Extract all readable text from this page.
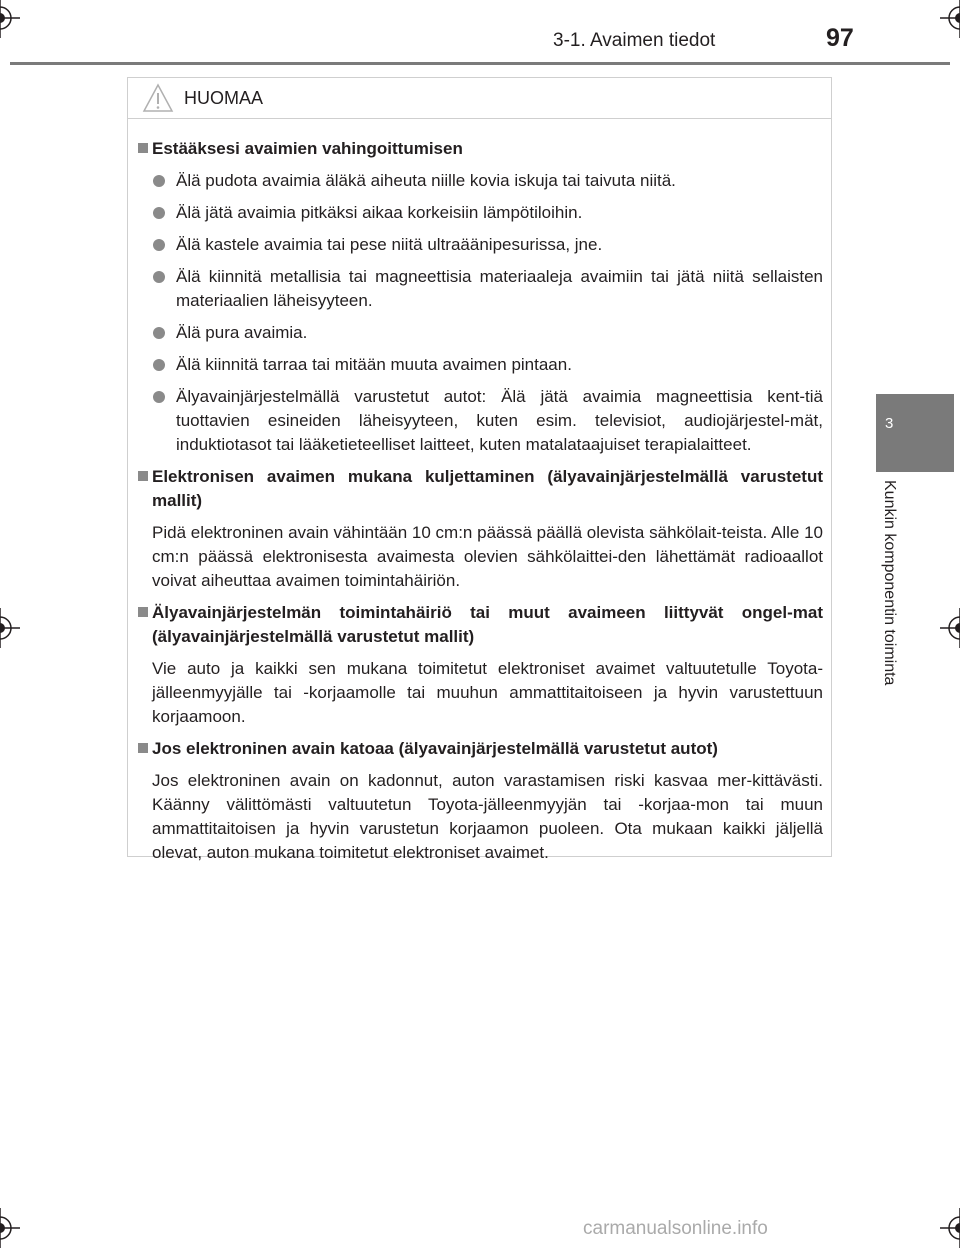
3-1. Avaimen tiedot	97
3
Kunkin komponentin toiminta
HUOMAA
Estääksesi avaimien vahingoittumisen
Älä pudota avaimia äläkä aiheuta niille kovia iskuja tai taivuta niitä.
Älä jätä avaimia pitkäksi aikaa korkeisiin lämpötiloihin.
Älä kastele avaimia tai pese niitä ultraäänipesurissa, jne.
Älä kiinnitä metallisia tai magneettisia materiaaleja avaimiin tai jätä niitä sellaisten materiaalien läheisyyteen.
Älä pura avaimia.
Älä kiinnitä tarraa tai mitään muuta avaimen pintaan.
Älyavainjärjestelmällä varustetut autot: Älä jätä avaimia magneettisia kent-tiä tuottavien esineiden läheisyyteen, kuten esim. televisiot, audiojärjestel-mät, induktiotasot tai lääketieteelliset laitteet, kuten matalataajuiset terapialaitteet.
Elektronisen avaimen mukana kuljettaminen (älyavainjärjestelmällä varustetut mallit)
Pidä elektroninen avain vähintään 10 cm:n päässä päällä olevista sähkölait-teista. Alle 10 cm:n päässä elektronisesta avaimesta olevien sähkölaittei-den lähettämät radioaallot voivat aiheuttaa avaimen toimintahäiriön.
Älyavainjärjestelmän toimintahäiriö tai muut avaimeen liittyvät ongel-mat (älyavainjärjestelmällä varustetut mallit)
Vie auto ja kaikki sen mukana toimitetut elektroniset avaimet valtuutetulle Toyota-jälleenmyyjälle tai -korjaamolle tai muuhun ammattitaitoiseen ja hyvin varustettuun korjaamoon.
Jos elektroninen avain katoaa (älyavainjärjestelmällä varustetut autot)
Jos elektroninen avain on kadonnut, auton varastamisen riski kasvaa mer-kittävästi. Käänny välittömästi valtuutetun Toyota-jälleenmyyjän tai -korjaa-mon tai muun ammattitaitoisen ja hyvin varustetun korjaamon puoleen. Ota mukaan kaikki jäljellä olevat, auton mukana toimitetut elektroniset avaimet.
carmanualsonline.info
